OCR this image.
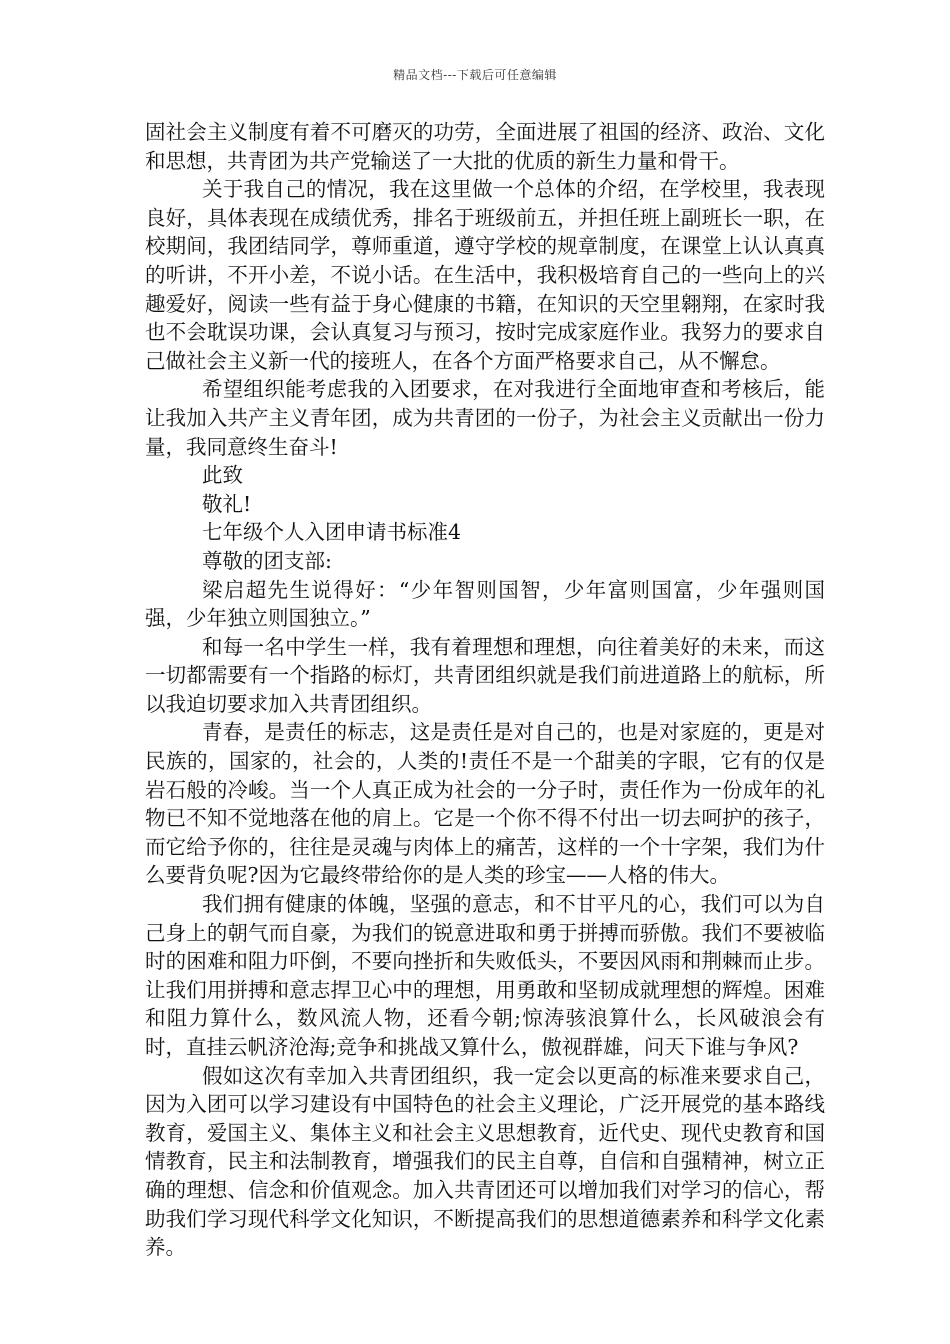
精品文档---下载后可任意编辑

固社会主义制度有着不可磨灭的功劳，全面进展了祖国的经济、政治、文化和思想，共青团为共产党输送了一大批的优质的新生力量和骨干。

关于我自己的情况，我在这里做一个总体的介绍，在学校里，我表现良好，具体表现在成绩优秀，排名于班级前五，并担任班上副班长一职，在校期间，我团结同学，尊师重道，遵守学校的规章制度，在课堂上认认真真的听讲，不开小差，不说小话。在生活中，我积极培育自己的一些向上的兴趣爱好，阅读一些有益于身心健康的书籍，在知识的天空里翱翔，在家时我也不会耽误功课，会认真复习与预习，按时完成家庭作业。我努力的要求自己做社会主义新一代的接班人，在各个方面严格要求自己，从不懈怠。

希望组织能考虑我的入团要求，在对我进行全面地审查和考核后，能让我加入共产主义青年团，成为共青团的一份子，为社会主义贡献出一份力量，我同意终生奋斗!

此致

敬礼!

七年级个人入团申请书标准4

尊敬的团支部:

梁启超先生说得好：“少年智则国智，少年富则国富，少年强则国强，少年独立则国独立。”

和每一名中学生一样，我有着理想和理想，向往着美好的未来，而这一切都需要有一个指路的标灯，共青团组织就是我们前进道路上的航标，所以我迫切要求加入共青团组织。

青春，是责任的标志，这是责任是对自己的，也是对家庭的，更是对民族的，国家的，社会的，人类的!责任不是一个甜美的字眼，它有的仅是岩石般的冷峻。当一个人真正成为社会的一分子时，责任作为一份成年的礼物已不知不觉地落在他的肩上。它是一个你不得不付出一切去呵护的孩子，而它给予你的，往往是灵魂与肉体上的痛苦，这样的一个十字架，我们为什么要背负呢?因为它最终带给你的是人类的珍宝——人格的伟大。

我们拥有健康的体魄，坚强的意志，和不甘平凡的心，我们可以为自己身上的朝气而自豪，为我们的锐意进取和勇于拼搏而骄傲。我们不要被临时的困难和阻力吓倒，不要向挫折和失败低头，不要因风雨和荆棘而止步。让我们用拼搏和意志捍卫心中的理想，用勇敢和坚韧成就理想的辉煌。困难和阻力算什么，数风流人物，还看今朝;惊涛骇浪算什么，长风破浪会有时，直挂云帆济沧海;竞争和挑战又算什么，傲视群雄，问天下谁与争风?

假如这次有幸加入共青团组织，我一定会以更高的标准来要求自己，因为入团可以学习建设有中国特色的社会主义理论，广泛开展党的基本路线教育，爱国主义、集体主义和社会主义思想教育，近代史、现代史教育和国情教育，民主和法制教育，增强我们的民主自尊，自信和自强精神，树立正确的理想、信念和价值观念。加入共青团还可以增加我们对学习的信心，帮助我们学习现代科学文化知识，不断提高我们的思想道德素养和科学文化素养。
